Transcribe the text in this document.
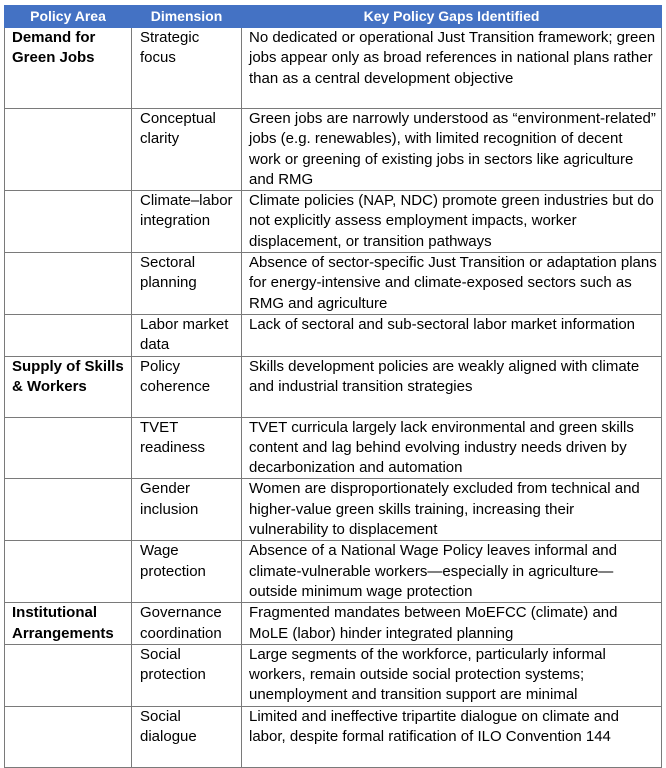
Policy Area	Dimension	Key Policy Gaps Identified
Demand for Green Jobs	Strategic focus	No dedicated or operational Just Transition framework; green jobs appear only as broad references in national plans rather than as a central development objective
	Conceptual clarity	Green jobs are narrowly understood as “environment-related” jobs (e.g. renewables), with limited recognition of decent work or greening of existing jobs in sectors like agriculture and RMG
	Climate–labor integration	Climate policies (NAP, NDC) promote green industries but do not explicitly assess employment impacts, worker displacement, or transition pathways
	Sectoral planning	Absence of sector-specific Just Transition or adaptation plans for energy-intensive and climate-exposed sectors such as RMG and agriculture
	Labor market data	Lack of sectoral and sub-sectoral labor market information
Supply of Skills & Workers	Policy coherence	Skills development policies are weakly aligned with climate and industrial transition strategies
	TVET readiness	TVET curricula largely lack environmental and green skills content and lag behind evolving industry needs driven by decarbonization and automation
	Gender inclusion	Women are disproportionately excluded from technical and higher-value green skills training, increasing their vulnerability to displacement
	Wage protection	Absence of a National Wage Policy leaves informal and climate-vulnerable workers—especially in agriculture—outside minimum wage protection
Institutional Arrangements	Governance coordination	Fragmented mandates between MoEFCC (climate) and MoLE (labor) hinder integrated planning
	Social protection	Large segments of the workforce, particularly informal workers, remain outside social protection systems; unemployment and transition support are minimal
	Social dialogue	Limited and ineffective tripartite dialogue on climate and labor, despite formal ratification of ILO Convention 144
